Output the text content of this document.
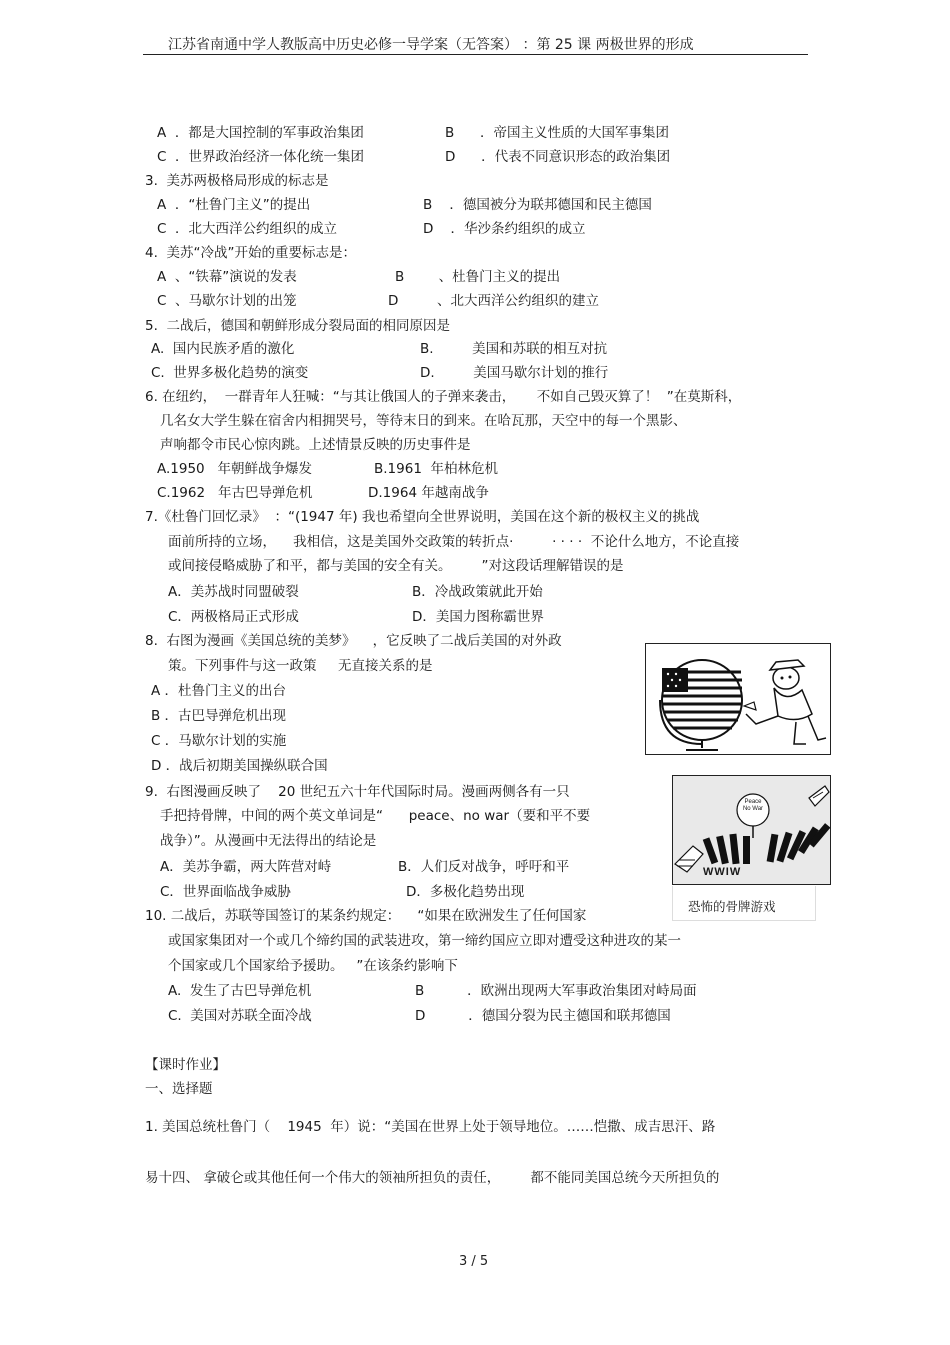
江苏省南通中学人教版高中历史必修一导学案（无答案） ：第 25 课 两极世界的形成
A  ．都是大国控制的军事政治集团	B      ．帝国主义性质的大国军事集团
C  ．世界政治经济一体化统一集团	D      ．代表不同意识形态的政治集团
3.  美苏两极格局形成的标志是
A  ．“杜鲁门主义”的提出	B    ．德国被分为联邦德国和民主德国
C  ．北大西洋公约组织的成立	D    ．华沙条约组织的成立
4.  美苏“冷战”开始的重要标志是：
A  、“铁幕”演说的发表	B        、杜鲁门主义的提出
C  、马歇尔计划的出笼	D         、北大西洋公约组织的建立
5.  二战后，德国和朝鲜形成分裂局面的相同原因是
A.  国内民族矛盾的激化	B.         美国和苏联的相互对抗
C.  世界多极化趋势的演变	D.         美国马歇尔计划的推行
6. 在纽约，  一群青年人狂喊：“与其让俄国人的子弹来袭击，     不如自己毁灭算了！  ”在莫斯科，
几名女大学生躲在宿舍内相拥哭号，等待末日的到来。在哈瓦那，天空中的每一个黑影、
声响都令市民心惊肉跳。上述情景反映的历史事件是
A.1950   年朝鲜战争爆发	B.1961  年柏林危机
C.1962   年古巴导弹危机	D.1964 年越南战争
7.《杜鲁门回忆录》  ：“(1947 年) 我也希望向全世界说明，美国在这个新的极权主义的挑战
面前所持的立场，    我相信，这是美国外交政策的转折点·         · · · ·  不论什么地方，不论直接
或间接侵略威胁了和平，都与美国的安全有关。       ”对这段话理解错误的是
A．美苏战时同盟破裂	B．冷战政策就此开始
C．两极格局正式形成	D．美国力图称霸世界
8.  右图为漫画《美国总统的美梦》    ，它反映了二战后美国的对外政
策。下列事件与这一政策     无直接关系的是
A ．杜鲁门主义的出台
B ．古巴导弹危机出现
C ．马歇尔计划的实施
D ．战后初期美国操纵联合国
9.  右图漫画反映了    20 世纪五六十年代国际时局。漫画两侧各有一只
手把持骨牌，中间的两个英文单词是“      peace、no war（要和平不要
战争）”。从漫画中无法得出的结论是
A．美苏争霸，两大阵营对峙	B．人们反对战争，呼吁和平
C．世界面临战争威胁	D．多极化趋势出现
10. 二战后，苏联等国签订的某条约规定：    “如果在欧洲发生了任何国家
或国家集团对一个或几个缔约国的武装进攻，第一缔约国应立即对遭受这种进攻的某一
个国家或几个国家给予援助。   ”在该条约影响下
A.  发生了古巴导弹危机	B          ．欧洲出现两大军事政治集团对峙局面
C.  美国对苏联全面冷战	D          ．德国分裂为民主德国和联邦德国
【课时作业】
一、选择题
1. 美国总统杜鲁门（    1945  年）说：“美国在世界上处于领导地位。……恺撒、成吉思汗、路
易十四、 拿破仑或其他任何一个伟大的领袖所担负的责任，       都不能同美国总统今天所担负的
Peace No War
WWIW
恐怖的骨牌游戏
3 / 5
